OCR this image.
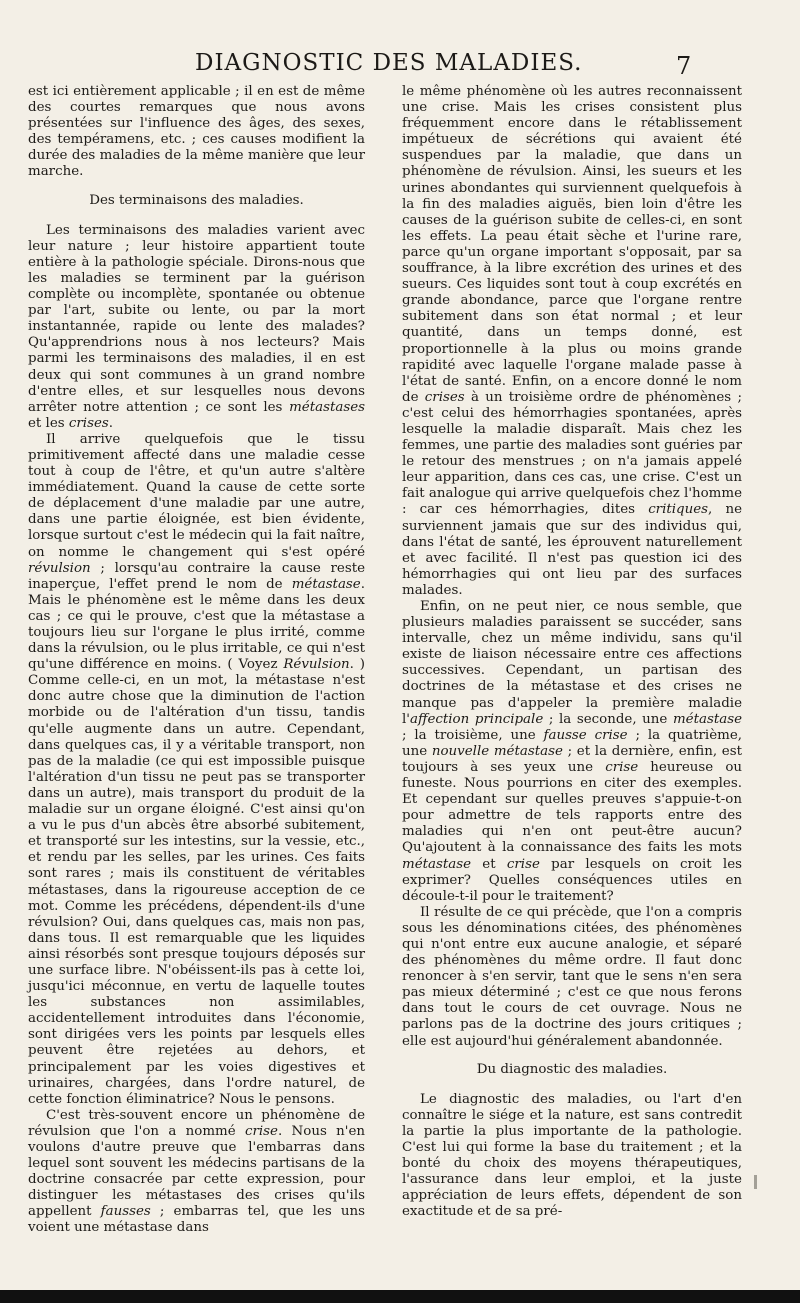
DIAGNOSTIC DES MALADIES.	7

est ici entièrement applicable ; il en est de même des courtes remarques que nous avons présentées sur l'influence des âges, des sexes, des tempéramens, etc. ; ces causes modifient la durée des maladies de la même manière que leur marche.

Des terminaisons des maladies.

Les terminaisons des maladies varient avec leur nature ; leur histoire appartient toute entière à la pathologie spéciale. Dirons-nous que les maladies se terminent par la guérison complète ou incomplète, spontanée ou obtenue par l'art, subite ou lente, ou par la mort instantannée, rapide ou lente des malades? Qu'apprendrions nous à nos lecteurs? Mais parmi les terminaisons des maladies, il en est deux qui sont communes à un grand nombre d'entre elles, et sur lesquelles nous devons arrêter notre attention ; ce sont les métastases et les crises.

Il arrive quelquefois que le tissu primitivement affecté dans une maladie cesse tout à coup de l'être, et qu'un autre s'altère immédiatement. Quand la cause de cette sorte de déplacement d'une maladie par une autre, dans une partie éloignée, est bien évidente, lorsque surtout c'est le médecin qui la fait naître, on nomme le changement qui s'est opéré révulsion ; lorsqu'au contraire la cause reste inaperçue, l'effet prend le nom de métastase. Mais le phénomène est le même dans les deux cas ; ce qui le prouve, c'est que la métastase a toujours lieu sur l'organe le plus irrité, comme dans la révulsion, ou le plus irritable, ce qui n'est qu'une différence en moins. ( Voyez Révulsion. ) Comme celle-ci, en un mot, la métastase n'est donc autre chose que la diminution de l'action morbide ou de l'altération d'un tissu, tandis qu'elle augmente dans un autre. Cependant, dans quelques cas, il y a véritable transport, non pas de la maladie (ce qui est impossible puisque l'altération d'un tissu ne peut pas se transporter dans un autre), mais transport du produit de la maladie sur un organe éloigné. C'est ainsi qu'on a vu le pus d'un abcès être absorbé subitement, et transporté sur les intestins, sur la vessie, etc., et rendu par les selles, par les urines. Ces faits sont rares ; mais ils constituent de véritables métastases, dans la rigoureuse acception de ce mot. Comme les précédens, dépendent-ils d'une révulsion? Oui, dans quelques cas, mais non pas, dans tous. Il est remarquable que les liquides ainsi résorbés sont presque toujours déposés sur une surface libre. N'obéissent-ils pas à cette loi, jusqu'ici méconnue, en vertu de laquelle toutes les substances non assimilables, accidentellement introduites dans l'économie, sont dirigées vers les points par lesquels elles peuvent être rejetées au dehors, et principalement par les voies digestives et urinaires, chargées, dans l'ordre naturel, de cette fonction éliminatrice? Nous le pensons.

C'est très-souvent encore un phénomène de révulsion que l'on a nommé crise. Nous n'en voulons d'autre preuve que l'embarras dans lequel sont souvent les médecins partisans de la doctrine consacrée par cette expression, pour distinguer les métastases des crises qu'ils appellent fausses ; embarras tel, que les uns voient une métastase dans

le même phénomène où les autres reconnaissent une crise. Mais les crises consistent plus fréquemment encore dans le rétablissement impétueux de sécrétions qui avaient été suspendues par la maladie, que dans un phénomène de révulsion. Ainsi, les sueurs et les urines abondantes qui surviennent quelquefois à la fin des maladies aiguës, bien loin d'être les causes de la guérison subite de celles-ci, en sont les effets. La peau était sèche et l'urine rare, parce qu'un organe important s'opposait, par sa souffrance, à la libre excrétion des urines et des sueurs. Ces liquides sont tout à coup excrétés en grande abondance, parce que l'organe rentre subitement dans son état normal ; et leur quantité, dans un temps donné, est proportionnelle à la plus ou moins grande rapidité avec laquelle l'organe malade passe à l'état de santé. Enfin, on a encore donné le nom de crises à un troisième ordre de phénomènes ; c'est celui des hémorrhagies spontanées, après lesquelle la maladie disparaît. Mais chez les femmes, une partie des maladies sont guéries par le retour des menstrues ; on n'a jamais appelé leur apparition, dans ces cas, une crise. C'est un fait analogue qui arrive quelquefois chez l'homme : car ces hémorrhagies, dites critiques, ne surviennent jamais que sur des individus qui, dans l'état de santé, les éprouvent naturellement et avec facilité. Il n'est pas question ici des hémorrhagies qui ont lieu par des surfaces malades.

Enfin, on ne peut nier, ce nous semble, que plusieurs maladies paraissent se succéder, sans intervalle, chez un même individu, sans qu'il existe de liaison nécessaire entre ces affections successives. Cependant, un partisan des doctrines de la métastase et des crises ne manque pas d'appeler la première maladie l'affection principale ; la seconde, une métastase ; la troisième, une fausse crise ; la quatrième, une nouvelle métastase ; et la dernière, enfin, est toujours à ses yeux une crise heureuse ou funeste. Nous pourrions en citer des exemples. Et cependant sur quelles preuves s'appuie-t-on pour admettre de tels rapports entre des maladies qui n'en ont peut-être aucun? Qu'ajoutent à la connaissance des faits les mots métastase et crise par lesquels on croit les exprimer? Quelles conséquences utiles en découle-t-il pour le traitement?

Il résulte de ce qui précède, que l'on a compris sous les dénominations citées, des phénomènes qui n'ont entre eux aucune analogie, et séparé des phénomènes du même ordre. Il faut donc renoncer à s'en servir, tant que le sens n'en sera pas mieux déterminé ; c'est ce que nous ferons dans tout le cours de cet ouvrage. Nous ne parlons pas de la doctrine des jours critiques ; elle est aujourd'hui généralement abandonnée.

Du diagnostic des maladies.

Le diagnostic des maladies, ou l'art d'en connaître le siége et la nature, est sans contredit la partie la plus importante de la pathologie. C'est lui qui forme la base du traitement ; et la bonté du choix des moyens thérapeutiques, l'assurance dans leur emploi, et la juste appréciation de leurs effets, dépendent de son exactitude et de sa pré-
